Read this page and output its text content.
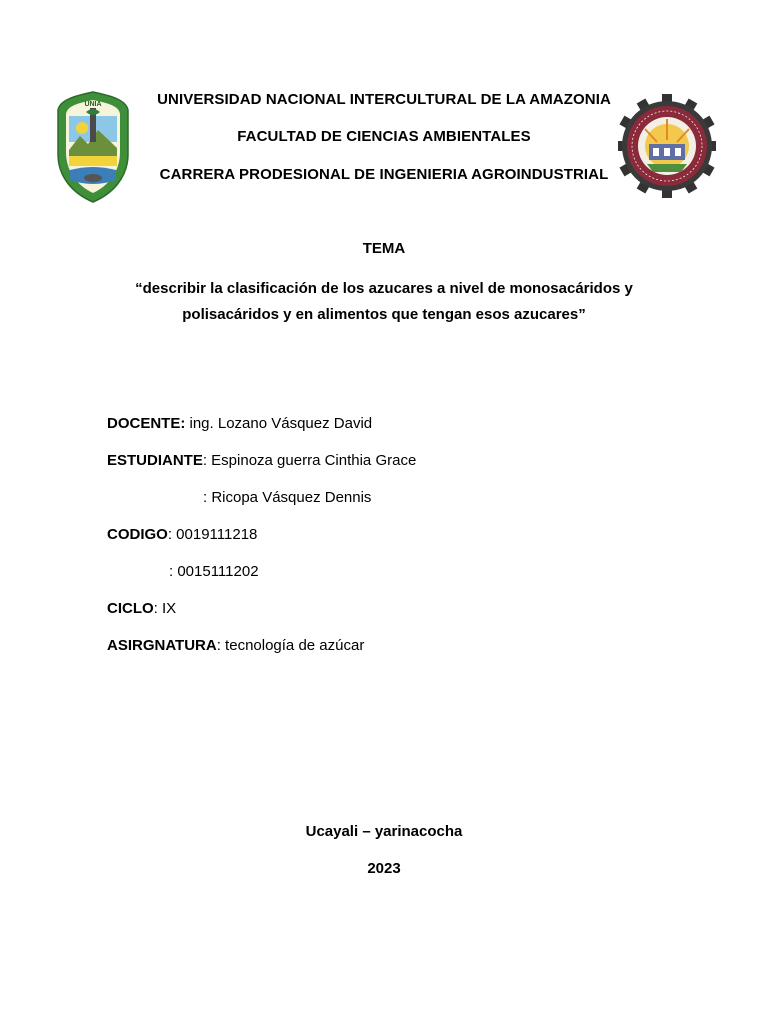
UNIA	UNIVERSIDAD NACIONAL INTERCULTURAL DE LA AMAZONIA
FACULTAD DE CIENCIAS AMBIENTALES
CARRERA PRODESIONAL DE INGENIERIA AGROINDUSTRIAL
TEMA
“describir la clasificación de los azucares a nivel de monosacáridos y polisacáridos y en alimentos que tengan esos azucares”
DOCENTE: ing. Lozano Vásquez David
ESTUDIANTE: Espinoza guerra Cinthia Grace
: Ricopa Vásquez Dennis
CODIGO: 0019111218
: 0015111202
CICLO: IX
ASIRGNATURA: tecnología de azúcar
Ucayali – yarinacocha
2023
